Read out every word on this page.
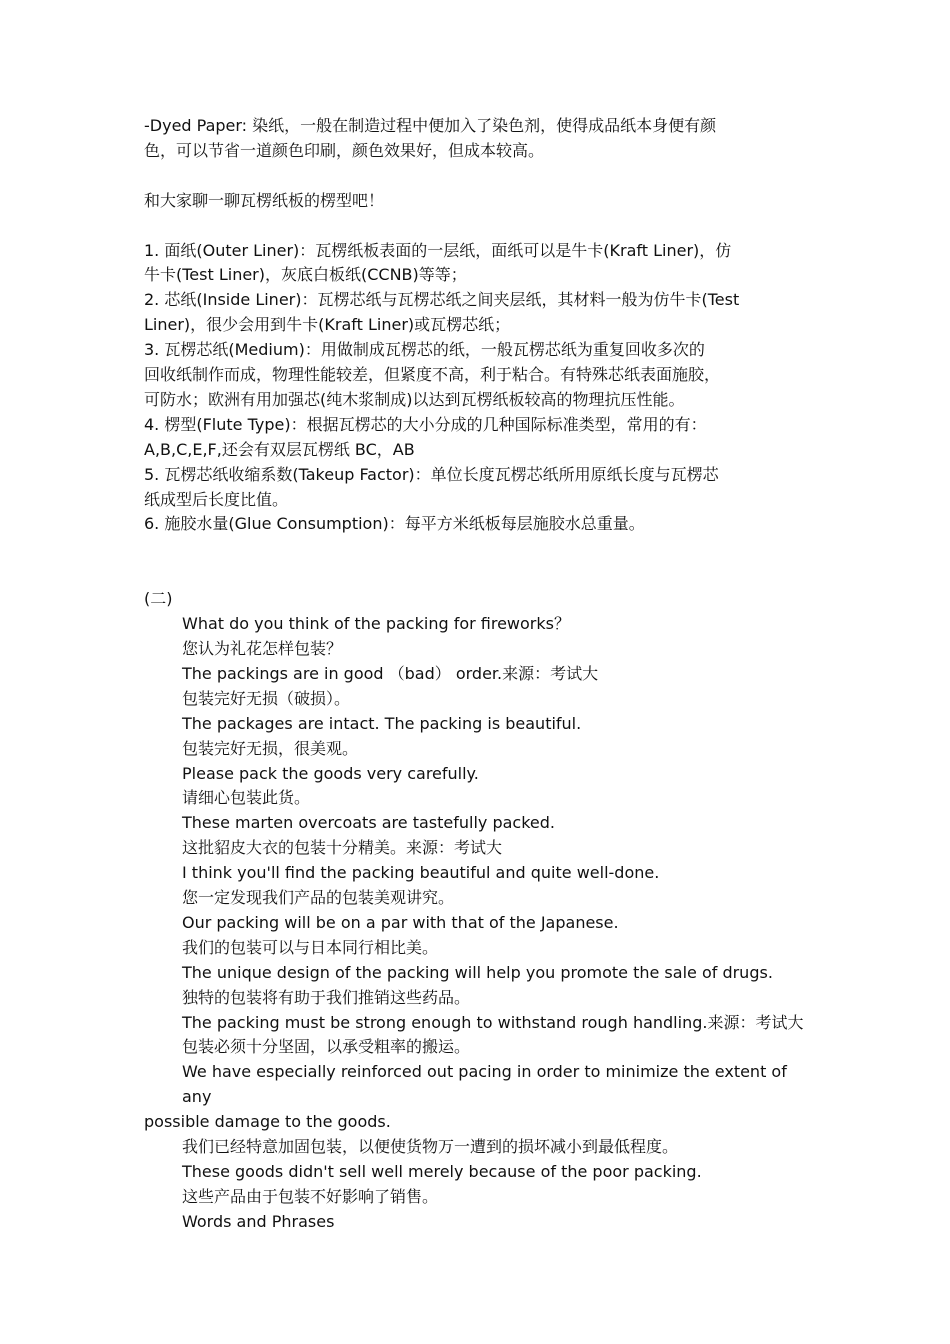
-Dyed Paper: 染纸，一般在制造过程中便加入了染色剂，使得成品纸本身便有颜
色，可以节省一道颜色印刷，颜色效果好，但成本较高。
和大家聊一聊瓦楞纸板的楞型吧！
1. 面纸(Outer Liner)：瓦楞纸板表面的一层纸，面纸可以是牛卡(Kraft Liner)，仿
牛卡(Test Liner)，灰底白板纸(CCNB)等等；
2. 芯纸(Inside Liner)：瓦楞芯纸与瓦楞芯纸之间夹层纸，其材料一般为仿牛卡(Test
Liner)，很少会用到牛卡(Kraft Liner)或瓦楞芯纸；
3. 瓦楞芯纸(Medium)：用做制成瓦楞芯的纸，一般瓦楞芯纸为重复回收多次的
回收纸制作而成，物理性能较差，但紧度不高，利于粘合。有特殊芯纸表面施胶，
可防水；欧洲有用加强芯(纯木浆制成)以达到瓦楞纸板较高的物理抗压性能。
4. 楞型(Flute Type)：根据瓦楞芯的大小分成的几种国际标准类型，常用的有：
A,B,C,E,F,还会有双层瓦楞纸 BC，AB
5. 瓦楞芯纸收缩系数(Takeup Factor)：单位长度瓦楞芯纸所用原纸长度与瓦楞芯
纸成型后长度比值。
6. 施胶水量(Glue Consumption)：每平方米纸板每层施胶水总重量。
(二)
What do you think of the packing for fireworks？
您认为礼花怎样包装？
The packings are in good （bad） order.来源：考试大
包装完好无损（破损）。
The packages are intact. The packing is beautiful.
包装完好无损，很美观。
Please pack the goods very carefully.
请细心包装此货。
These marten overcoats are tastefully packed.
这批貂皮大衣的包装十分精美。来源：考试大
I think you'll find the packing beautiful and quite well-done.
您一定发现我们产品的包装美观讲究。
Our packing will be on a par with that of the Japanese.
我们的包装可以与日本同行相比美。
The unique design of the packing will help you promote the sale of drugs.
独特的包装将有助于我们推销这些药品。
The packing must be strong enough to withstand rough handling.来源：考试大
包装必须十分坚固，以承受粗率的搬运。
We have especially reinforced out pacing in order to minimize the extent of any
possible damage to the goods.
我们已经特意加固包装，以便使货物万一遭到的损坏减小到最低程度。
These goods didn't sell well merely because of the poor packing.
这些产品由于包装不好影响了销售。
Words and Phrases
